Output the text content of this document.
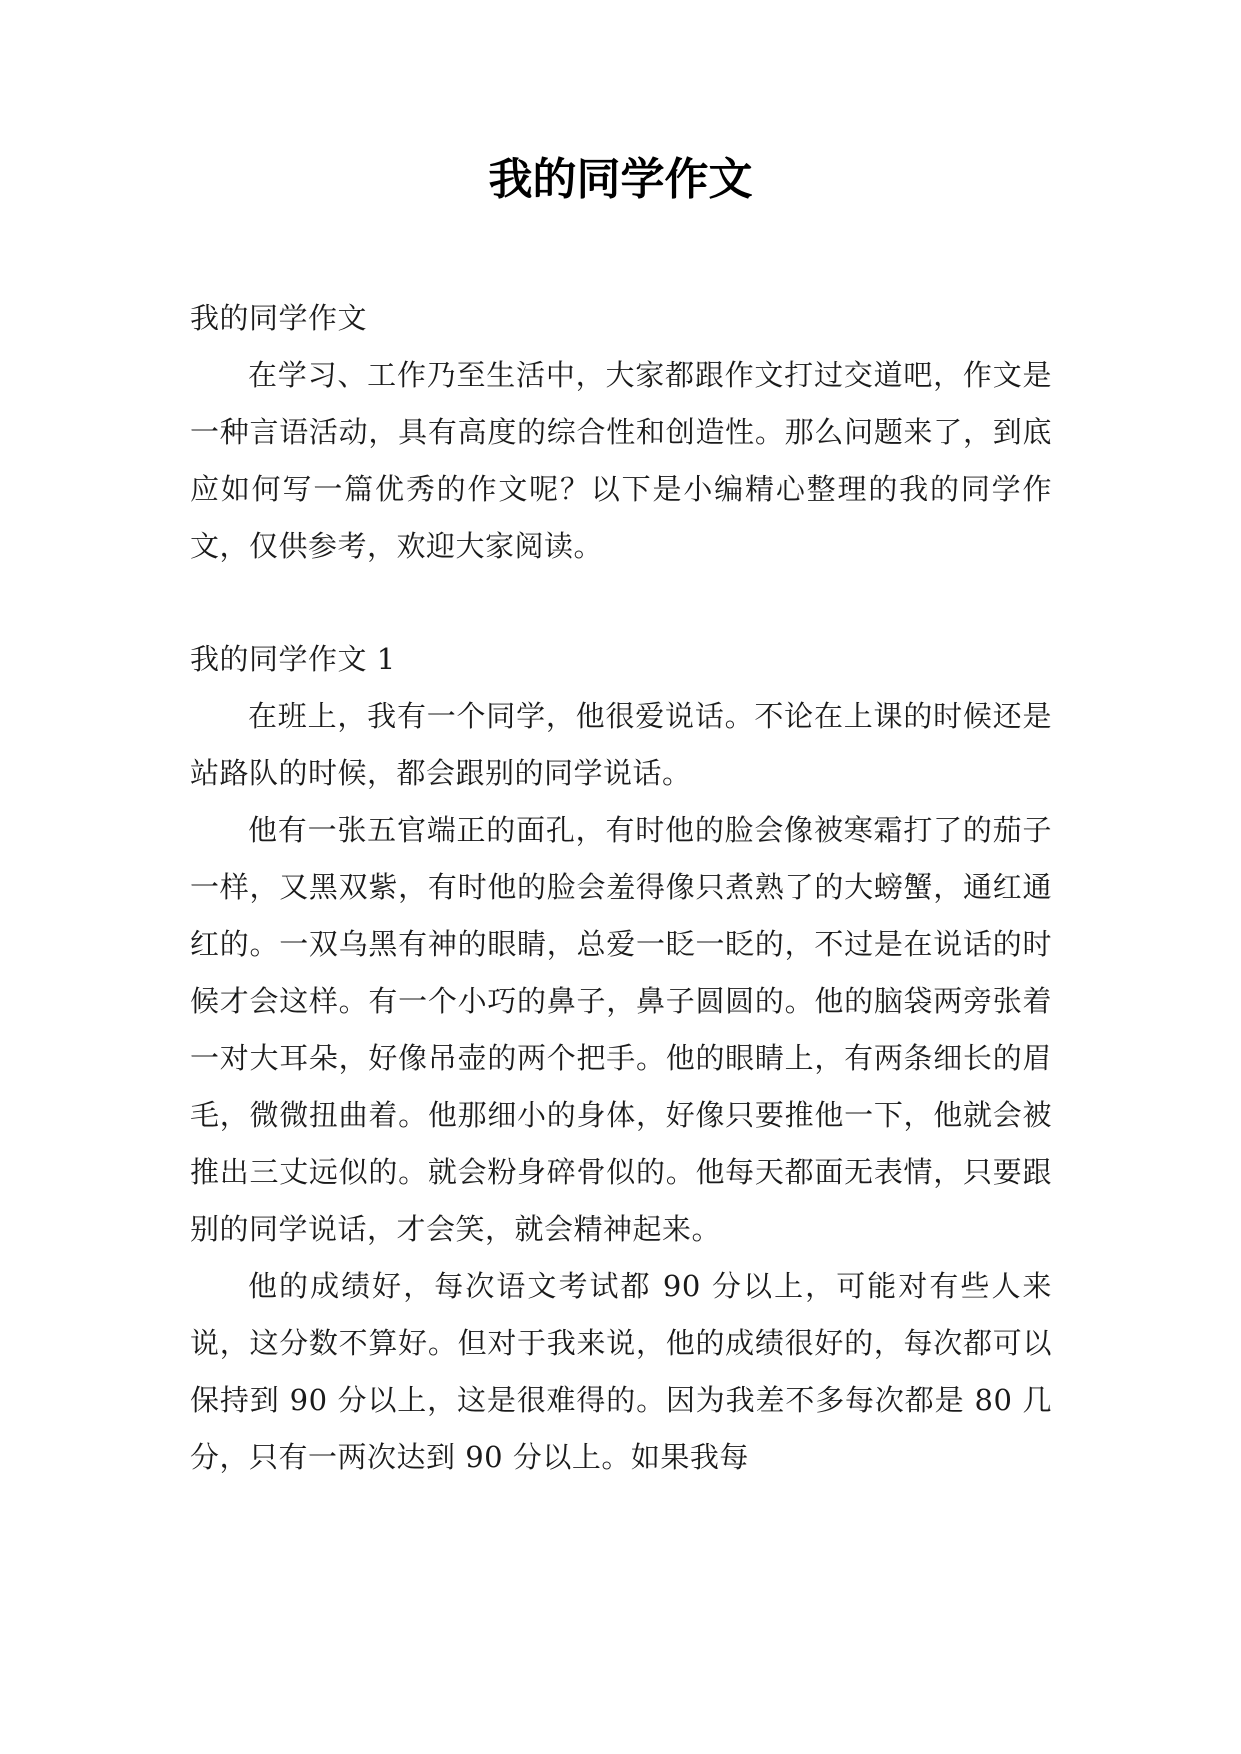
我的同学作文

我的同学作文

在学习、工作乃至生活中，大家都跟作文打过交道吧，作文是一种言语活动，具有高度的综合性和创造性。那么问题来了，到底应如何写一篇优秀的作文呢？以下是小编精心整理的我的同学作文，仅供参考，欢迎大家阅读。

我的同学作文 1

在班上，我有一个同学，他很爱说话。不论在上课的时候还是站路队的时候，都会跟别的同学说话。

他有一张五官端正的面孔，有时他的脸会像被寒霜打了的茄子一样，又黑双紫，有时他的脸会羞得像只煮熟了的大螃蟹，通红通红的。一双乌黑有神的眼睛，总爱一眨一眨的，不过是在说话的时候才会这样。有一个小巧的鼻子，鼻子圆圆的。他的脑袋两旁张着一对大耳朵，好像吊壶的两个把手。他的眼睛上，有两条细长的眉毛，微微扭曲着。他那细小的身体，好像只要推他一下，他就会被推出三丈远似的。就会粉身碎骨似的。他每天都面无表情，只要跟别的同学说话，才会笑，就会精神起来。

他的成绩好，每次语文考试都 90 分以上，可能对有些人来说，这分数不算好。但对于我来说，他的成绩很好的，每次都可以保持到 90 分以上，这是很难得的。因为我差不多每次都是 80 几分，只有一两次达到 90 分以上。如果我每
